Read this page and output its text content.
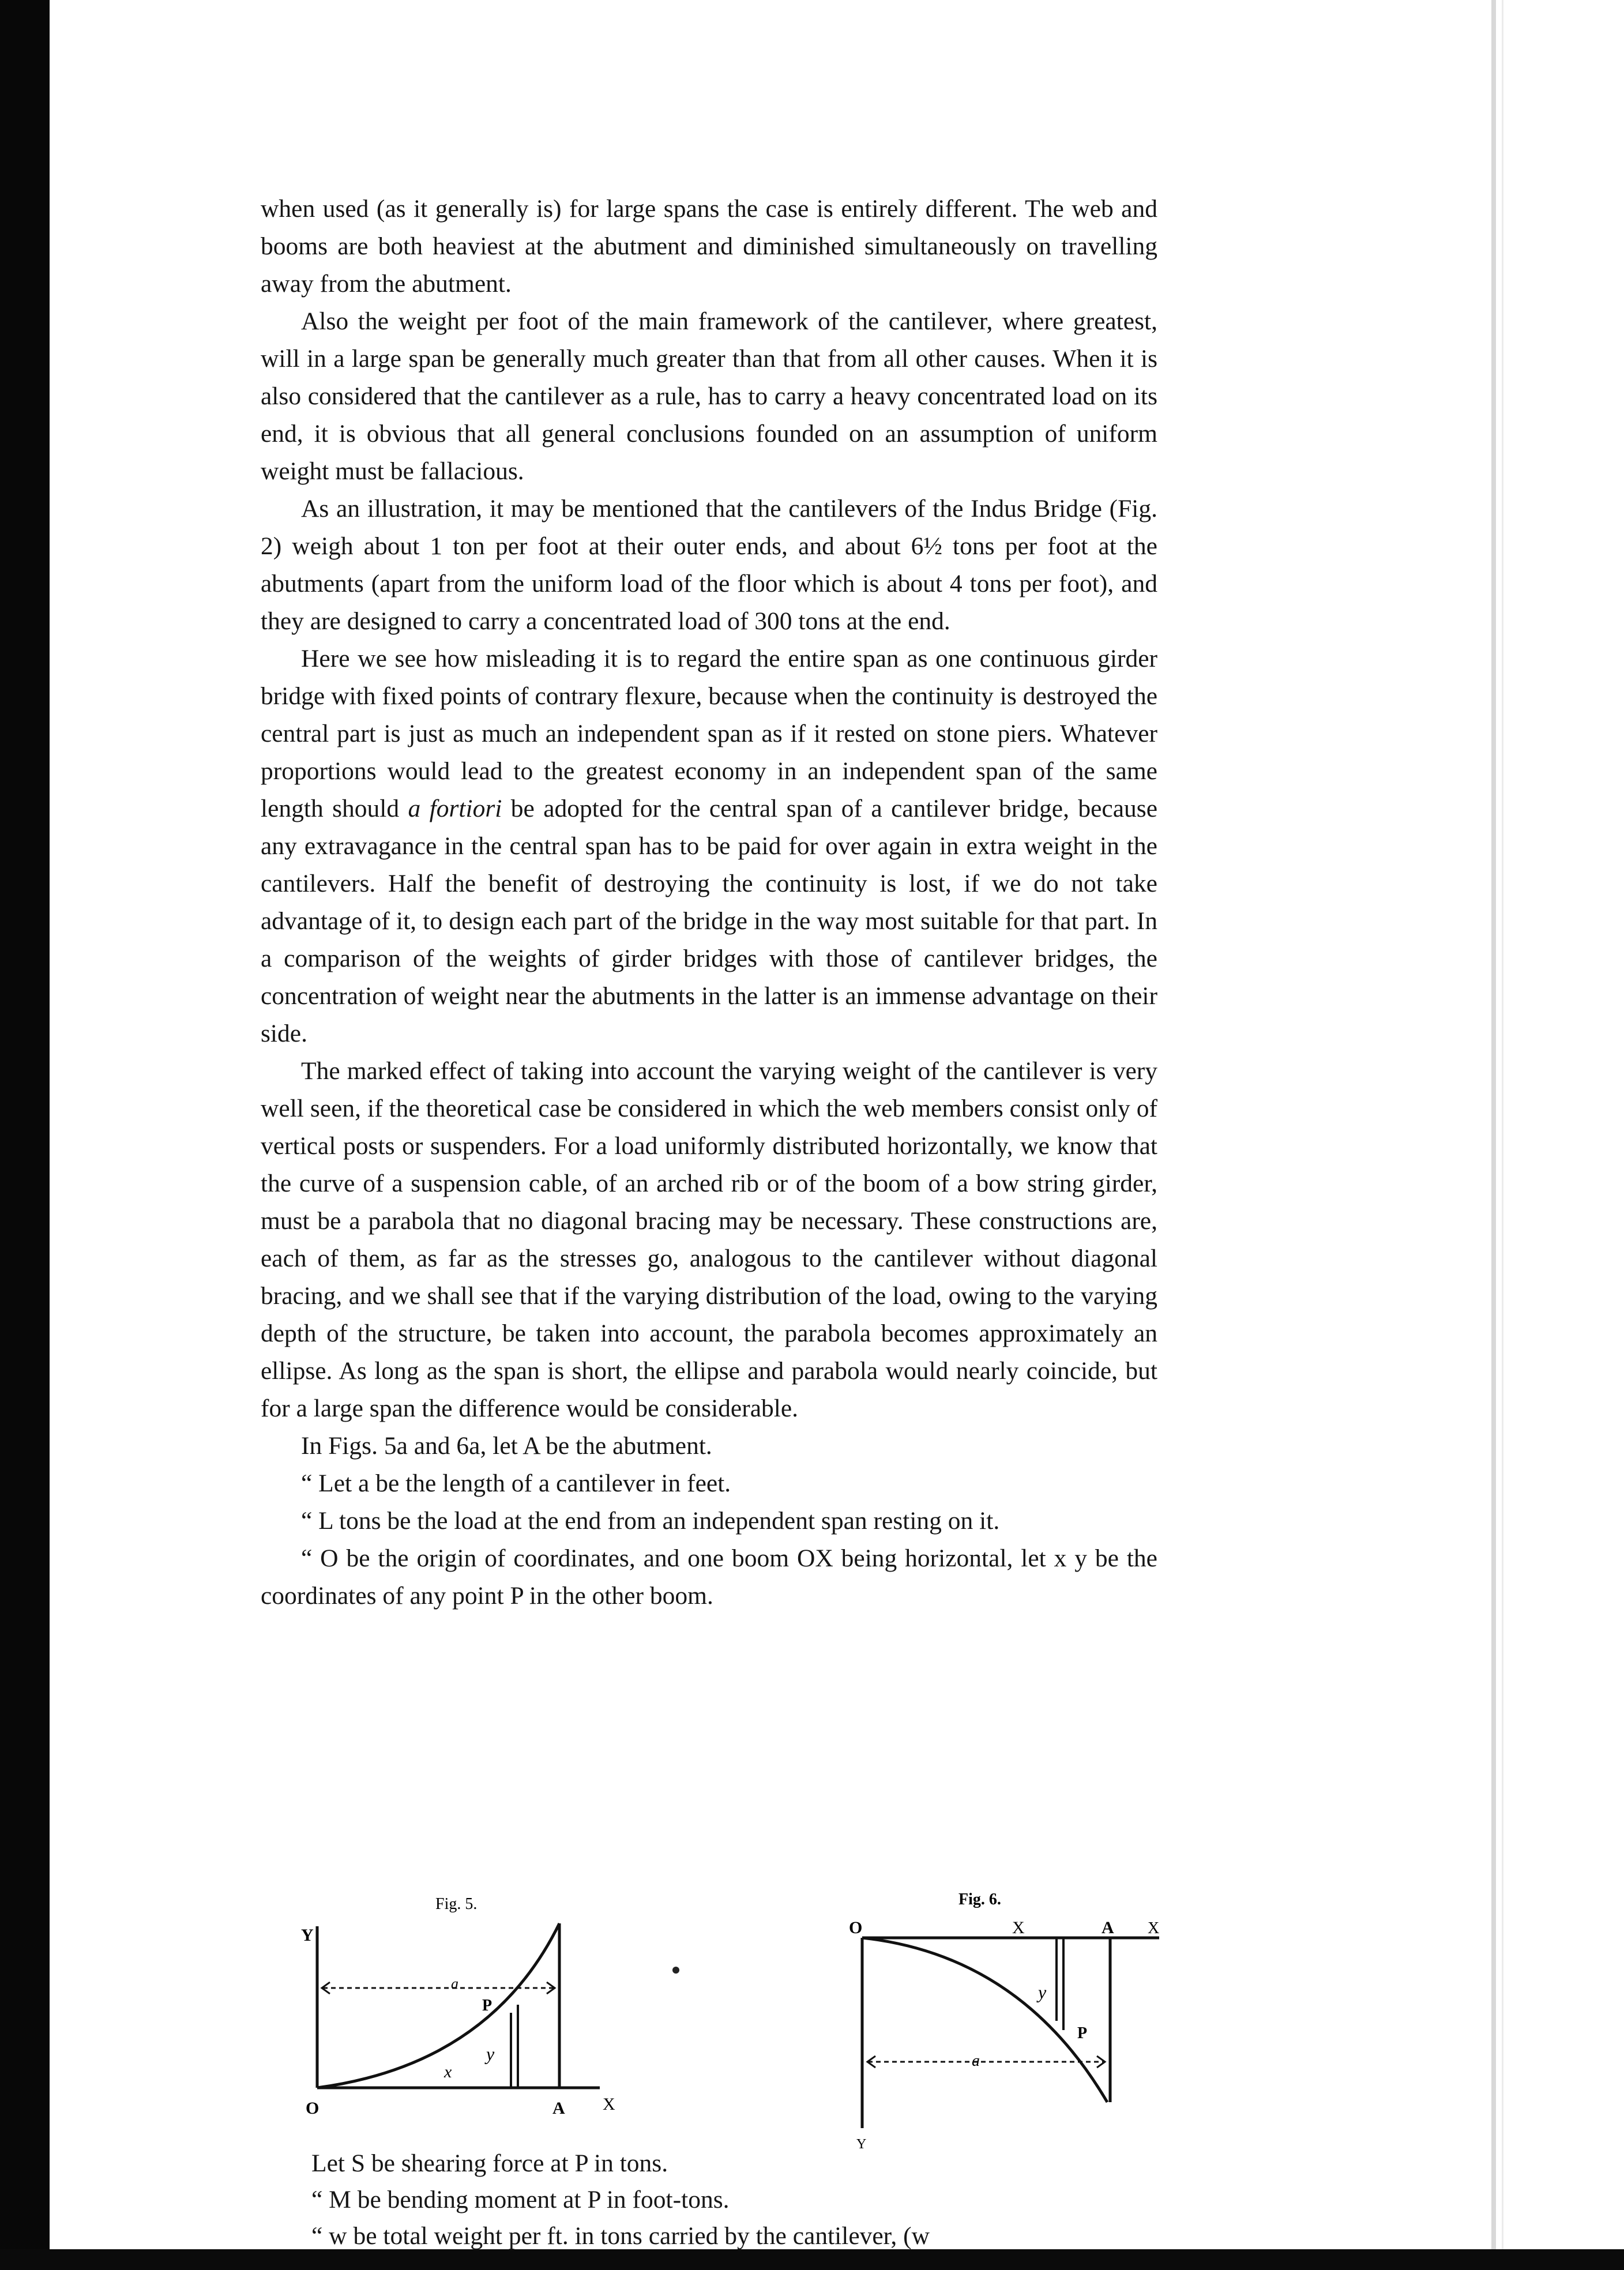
when used (as it generally is) for large spans the case is entirely different. The web and booms are both heaviest at the abutment and diminished simultaneously on travelling away from the abutment.

Also the weight per foot of the main framework of the cantilever, where greatest, will in a large span be generally much greater than that from all other causes. When it is also considered that the cantilever as a rule, has to carry a heavy concentrated load on its end, it is obvious that all general conclusions founded on an assumption of uniform weight must be fallacious.

As an illustration, it may be mentioned that the cantilevers of the Indus Bridge (Fig. 2) weigh about 1 ton per foot at their outer ends, and about 6½ tons per foot at the abutments (apart from the uniform load of the floor which is about 4 tons per foot), and they are designed to carry a concentrated load of 300 tons at the end.

Here we see how misleading it is to regard the entire span as one continuous girder bridge with fixed points of contrary flexure, because when the continuity is destroyed the central part is just as much an independent span as if it rested on stone piers. Whatever proportions would lead to the greatest economy in an independent span of the same length should a fortiori be adopted for the central span of a cantilever bridge, because any extravagance in the central span has to be paid for over again in extra weight in the cantilevers. Half the benefit of destroying the continuity is lost, if we do not take advantage of it, to design each part of the bridge in the way most suitable for that part. In a comparison of the weights of girder bridges with those of cantilever bridges, the concentration of weight near the abutments in the latter is an immense advantage on their side.

The marked effect of taking into account the varying weight of the cantilever is very well seen, if the theoretical case be considered in which the web members consist only of vertical posts or suspenders. For a load uniformly distributed horizontally, we know that the curve of a suspension cable, of an arched rib or of the boom of a bow string girder, must be a parabola that no diagonal bracing may be necessary. These constructions are, each of them, as far as the stresses go, analogous to the cantilever without diagonal bracing, and we shall see that if the varying distribution of the load, owing to the varying depth of the structure, be taken into account, the parabola becomes approximately an ellipse. As long as the span is short, the ellipse and parabola would nearly coincide, but for a large span the difference would be considerable.

In Figs. 5a and 6a, let A be the abutment.

“ Let a be the length of a cantilever in feet.

“ L tons be the load at the end from an independent span resting on it.

“ O be the origin of coordinates, and one boom OX being horizontal, let x y be the coordinates of any point P in the other boom.

Fig. 5.
Y
O	A X
a
P
x
y
Fig. 6.
O	X	A X
y
P
a
Y

Let S be shearing force at P in tons.

“ M be bending moment at P in foot-tons.

“ w be total weight per ft. in tons carried by the cantilever, (w
